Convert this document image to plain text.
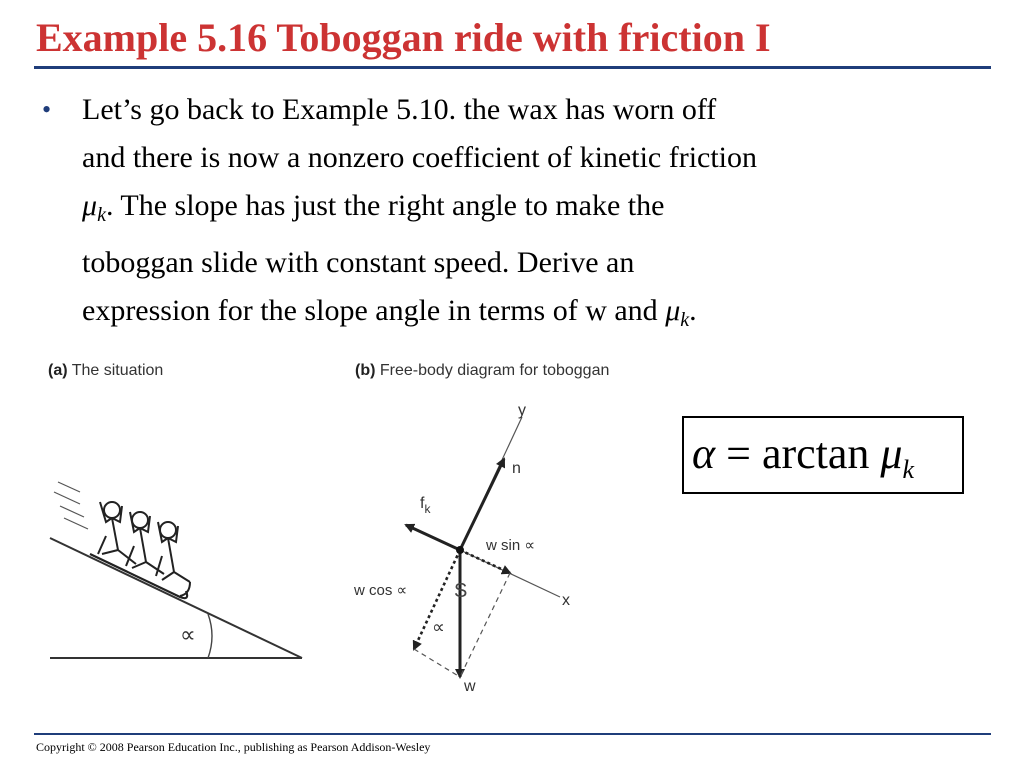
Example 5.16 Toboggan ride with friction I
• Let’s go back to Example 5.10. the wax has worn off
and there is now a nonzero coefficient of kinetic friction
$\mu_k$. The slope has just the right angle to make the
toboggan slide with constant speed. Derive an
expression for the slope angle in terms of w and $\mu_k$.
(a) The situation	(b) Free-body diagram for toboggan
∝
y
x
n
$f_k$
w
w sin ∝
w cos ∝
∝
S
$\alpha = \arctan \mu_k$
Copyright © 2008 Pearson Education Inc., publishing as Pearson Addison-Wesley
